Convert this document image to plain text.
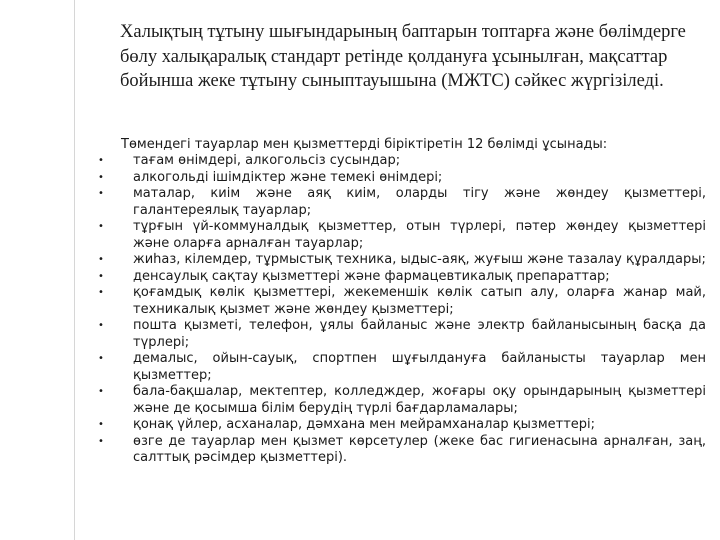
Халықтың тұтыну шығындарының баптарын топтарға және бөлімдерге бөлу халықаралық стандарт ретінде қолдануға ұсынылған, мақсаттар бойынша жеке тұтыну сыныптауышына (МЖТС) сәйкес жүргізіледі.

Төмендегі тауарлар мен қызметтерді біріктіретін 12 бөлімді ұсынады:

• тағам өнімдері, алкогольсіз сусындар;
• алкогольді ішімдіктер және темекі өнімдері;
• маталар, киім және аяқ киім, оларды тігу және жөндеу қызметтері, галантереялық тауарлар;
• тұрғын үй-коммуналдық қызметтер, отын түрлері, пәтер жөндеу қызметтері және оларға арналған тауарлар;
• жиһаз, кілемдер, тұрмыстық техника, ыдыс-аяқ, жуғыш және тазалау құралдары;
• денсаулық сақтау қызметтері және фармацевтикалық препараттар;
• қоғамдық көлік қызметтері, жекеменшік көлік сатып алу, оларға жанар май, техникалық қызмет және жөндеу қызметтері;
• пошта қызметі, телефон, ұялы байланыс және электр байланысының басқа да түрлері;
• демалыс, ойын-сауық, спортпен шұғылдануға байланысты тауарлар мен қызметтер;
• бала-бақшалар, мектептер, колледждер, жоғары оқу орындарының қызметтері және де қосымша білім берудің түрлі бағдарламалары;
• қонақ үйлер, асханалар, дәмхана мен мейрамханалар қызметтері;
• өзге де тауарлар мен қызмет көрсетулер (жеке бас гигиенасына арналған, заң, салттық рәсімдер қызметтері).
